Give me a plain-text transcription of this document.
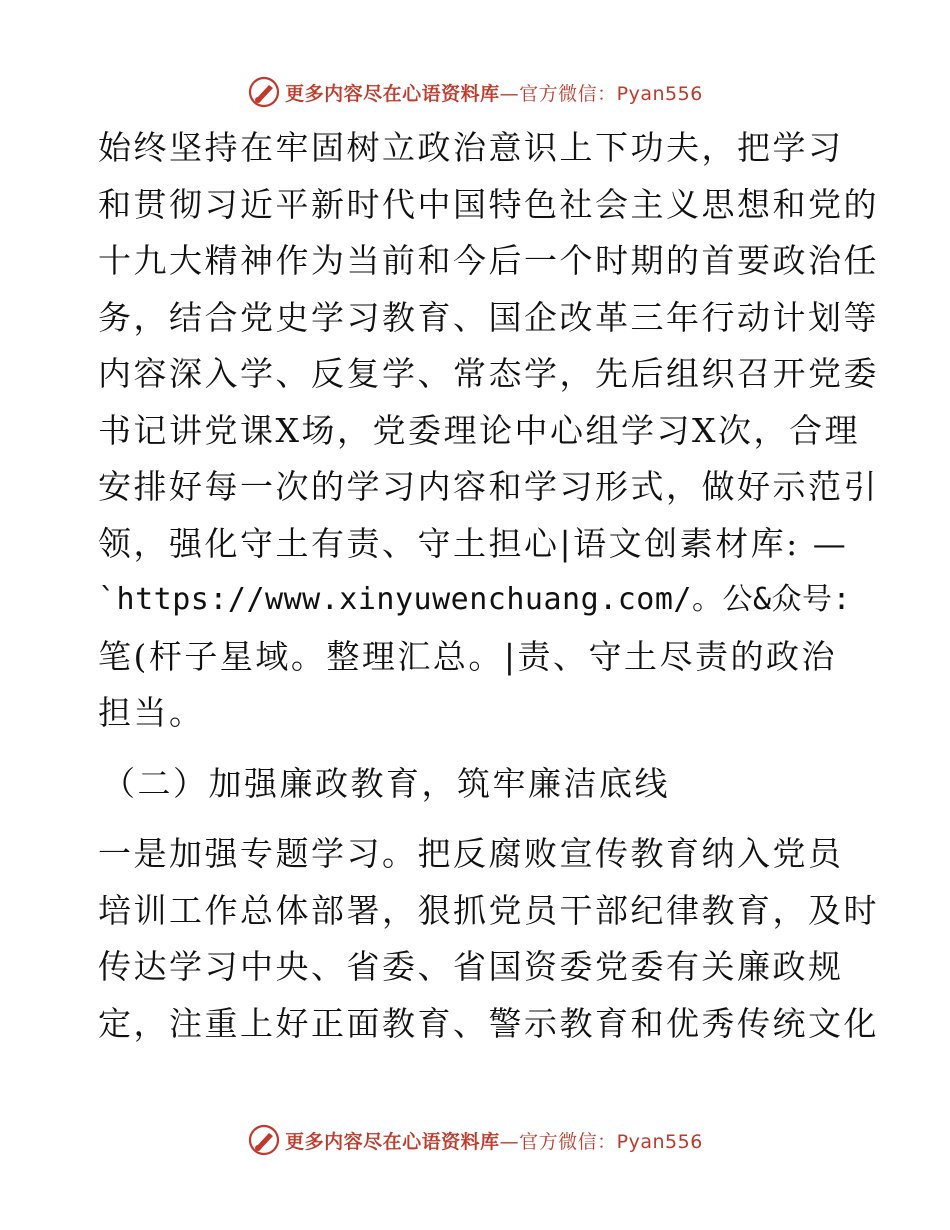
更多内容尽在心语资料库—官方微信：Pyan556
始终坚持在牢固树立政治意识上下功夫，把学习
和贯彻习近平新时代中国特色社会主义思想和党的
十九大精神作为当前和今后一个时期的首要政治任
务，结合党史学习教育、国企改革三年行动计划等
内容深入学、反复学、常态学，先后组织召开党委
书记讲党课X场，党委理论中心组学习X次，合理
安排好每一次的学习内容和学习形式，做好示范引
领，强化守土有责、守土担心|语文创素材库: —
`https://www.xinyuwenchuang.com/。公&众号:
笔(杆子星域。整理汇总。|责、守土尽责的政治
担当。
（二）加强廉政教育，筑牢廉洁底线
一是加强专题学习。把反腐败宣传教育纳入党员
培训工作总体部署，狠抓党员干部纪律教育，及时
传达学习中央、省委、省国资委党委有关廉政规
定，注重上好正面教育、警示教育和优秀传统文化
更多内容尽在心语资料库—官方微信：Pyan556
